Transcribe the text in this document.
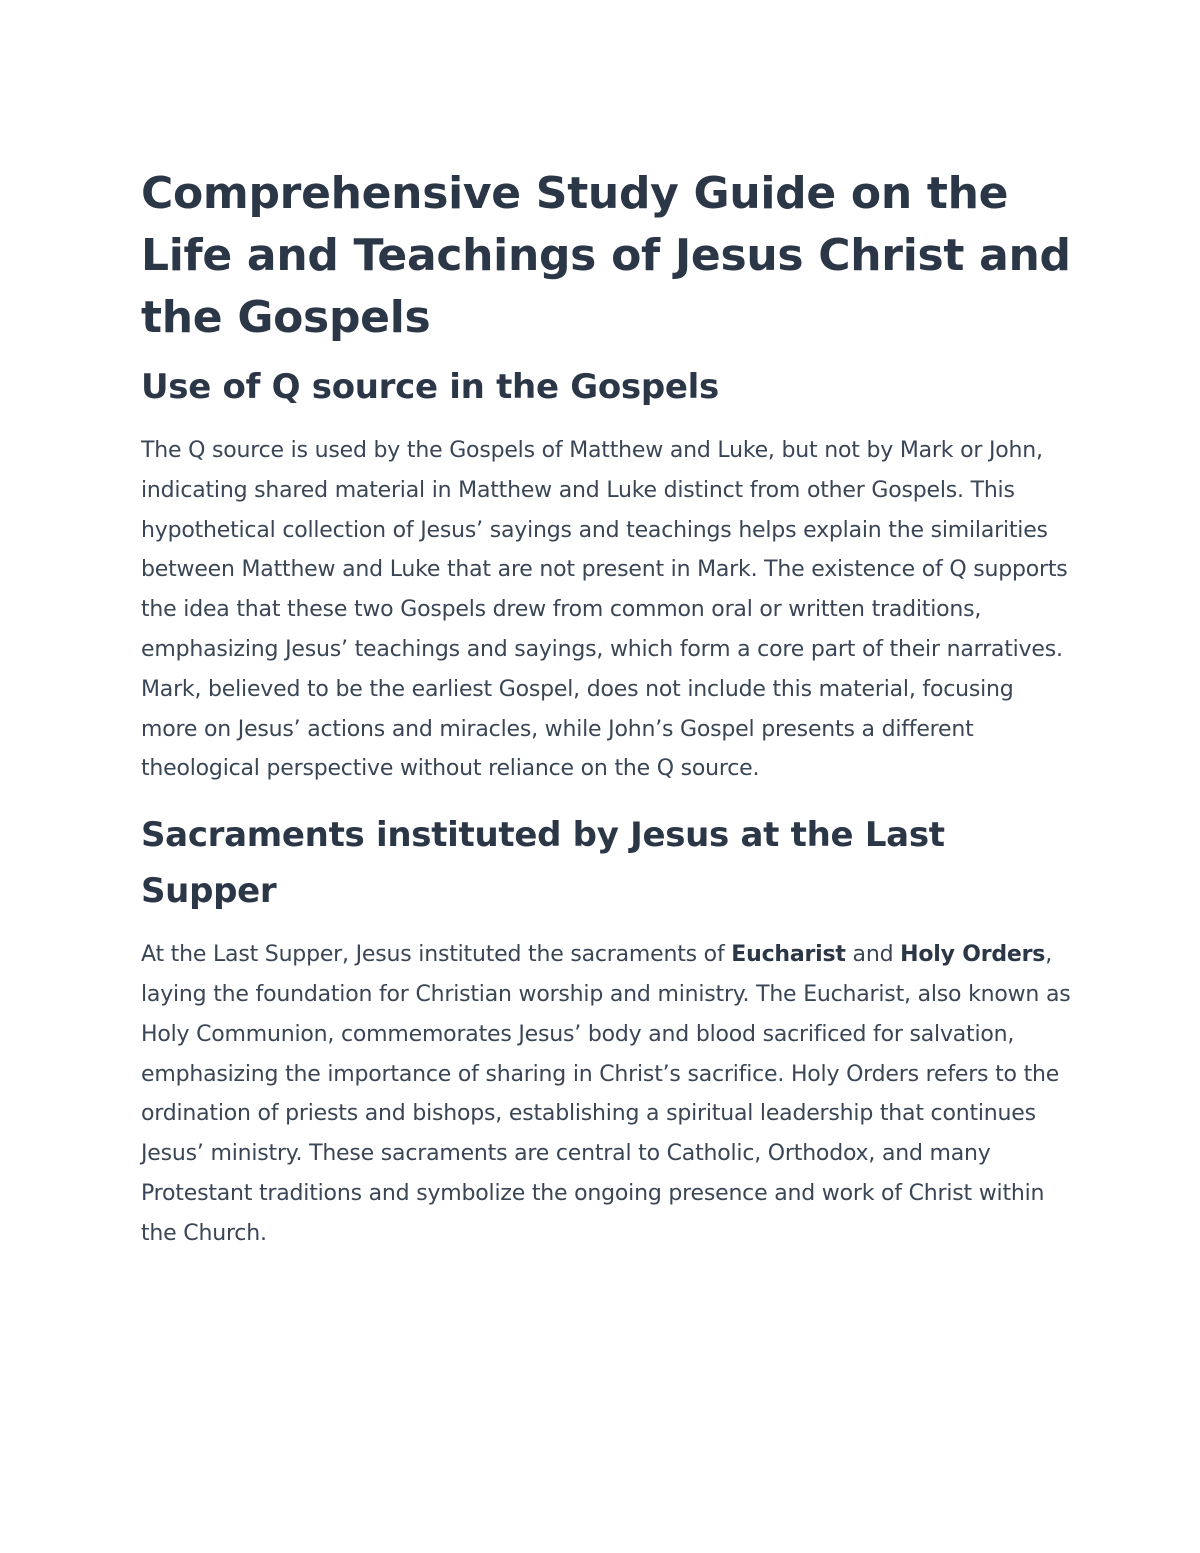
Comprehensive Study Guide on the Life and Teachings of Jesus Christ and the Gospels
Use of Q source in the Gospels

The Q source is used by the Gospels of Matthew and Luke, but not by Mark or John, indicating shared material in Matthew and Luke distinct from other Gospels. This hypothetical collection of Jesus’ sayings and teachings helps explain the similarities between Matthew and Luke that are not present in Mark. The existence of Q supports the idea that these two Gospels drew from common oral or written traditions, emphasizing Jesus’ teachings and sayings, which form a core part of their narratives. Mark, believed to be the earliest Gospel, does not include this material, focusing more on Jesus’ actions and miracles, while John’s Gospel presents a different theological perspective without reliance on the Q source.

Sacraments instituted by Jesus at the Last Supper

At the Last Supper, Jesus instituted the sacraments of Eucharist and Holy Orders, laying the foundation for Christian worship and ministry. The Eucharist, also known as Holy Communion, commemorates Jesus’ body and blood sacrificed for salvation, emphasizing the importance of sharing in Christ’s sacrifice. Holy Orders refers to the ordination of priests and bishops, establishing a spiritual leadership that continues Jesus’ ministry. These sacraments are central to Catholic, Orthodox, and many Protestant traditions and symbolize the ongoing presence and work of Christ within the Church.
